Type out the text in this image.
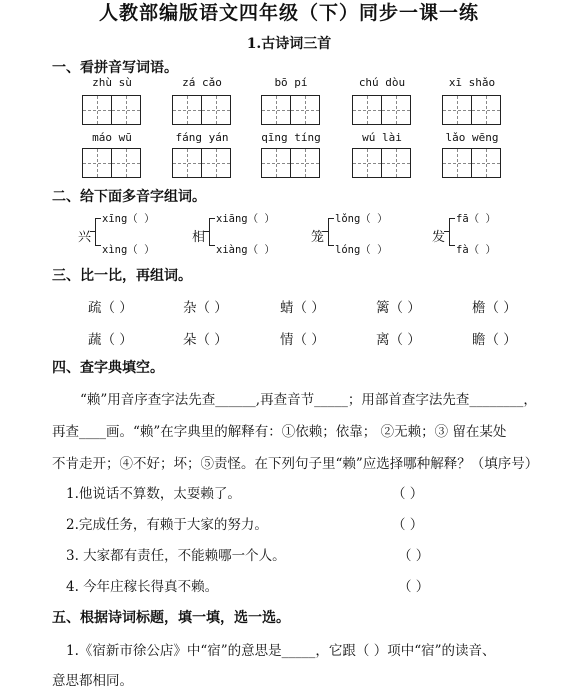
人教部编版语文四年级（下）同步一课一练
1.古诗词三首
一、看拼音写词语。
zhù sù	zá cǎo	bō pí	chú dòu	xī shǎo
máo wū	fáng yán	qīng tíng	wú lài	lǎo wēng
二、给下面多音字组词。
兴
xīng（ ）
xìng（ ）
相
xiāng（ ）
xiàng（ ）
笼
lǒng（ ）
lóng（ ）
发
fā（ ）
fà（ ）
三、比一比，再组词。
疏（ ）	杂（ ）	蜻（ ）	篱（ ）	檐（ ）
蔬（ ）	朵（ ）	情（ ）	离（ ）	瞻（ ）
四、查字典填空。
“赖”用音序查字法先查______,再查音节_____；用部首查字法先查________，
再查____画。“赖”在字典里的解释有：①依赖；依靠； ②无赖；③ 留在某处
不肯走开；④不好；坏；⑤责怪。在下列句子里“赖”应选择哪种解释？（填序号）
1.他说话不算数，太耍赖了。	（ ）
2.完成任务，有赖于大家的努力。	（ ）
3. 大家都有责任，不能赖哪一个人。	（ ）
4. 今年庄稼长得真不赖。	（ ）
五、根据诗词标题，填一填，选一选。
1.《宿新市徐公店》中“宿”的意思是_____，它跟（ ）项中“宿”的读音、
意思都相同。
